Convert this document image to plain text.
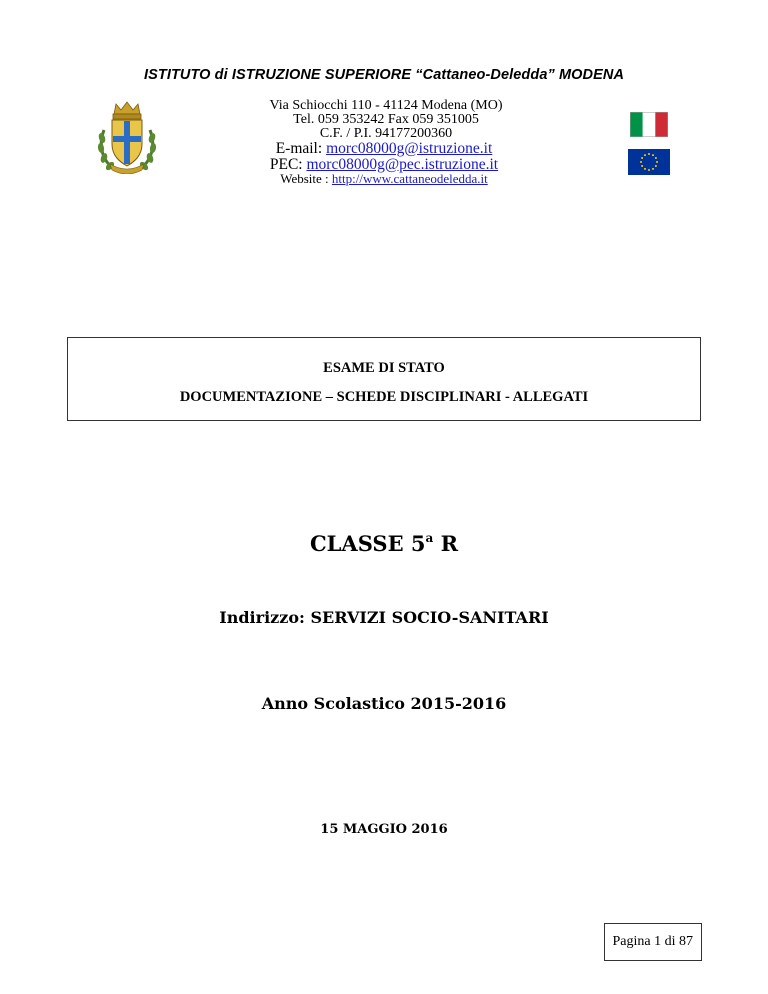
ISTITUTO di ISTRUZIONE SUPERIORE “Cattaneo-Deledda” MODENA
Via Schiocchi 110 - 41124 Modena (MO)
Tel. 059 353242 Fax 059 351005
C.F. / P.I. 94177200360
E-mail: morc08000g@istruzione.it
PEC: morc08000g@pec.istruzione.it
Website : http://www.cattaneodeledda.it
ESAME DI STATO
DOCUMENTAZIONE – SCHEDE DISCIPLINARI - ALLEGATI
CLASSE 5$^a$ R
Indirizzo: SERVIZI SOCIO-SANITARI
Anno Scolastico 2015-2016
15 MAGGIO 2016
Pagina 1 di 87
